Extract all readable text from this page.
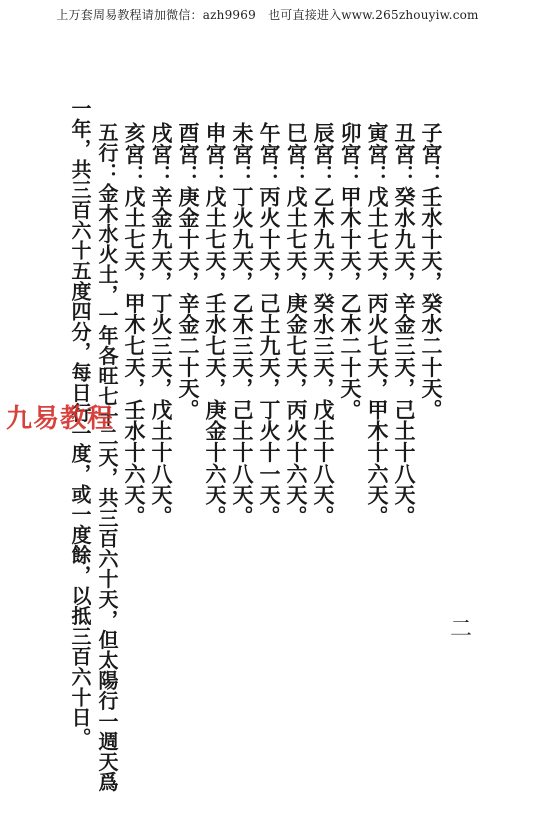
上万套周易教程请加微信：azh9969　也可直接进入www.265zhouyiw.com
子宮：壬水十天，癸水二十天。
丑宮：癸水九天，辛金三天，己土十八天。
寅宮：戊土七天，丙火七天，甲木十六天。
卯宮：甲木十天，乙木二十天。
辰宮：乙木九天，癸水三天，戊土十八天。
巳宮：戊土七天，庚金七天，丙火十六天。
午宮：丙火十天，己土九天，丁火十一天。
未宮：丁火九天，乙木三天，己土十八天。
申宮：戊土七天，壬水七天，庚金十六天。
酉宮：庚金十天，辛金二十天。
戌宮：辛金九天，丁火三天，戊土十八天。
亥宮：戊土七天，甲木七天，壬水十六天。
五行：金木水火土，一年各旺七十二天，共三百六十天，但太陽行一週天爲
一年，共三百六十五度四分，每日行一度，或一度餘，以抵三百六十日。	二
九易教程
